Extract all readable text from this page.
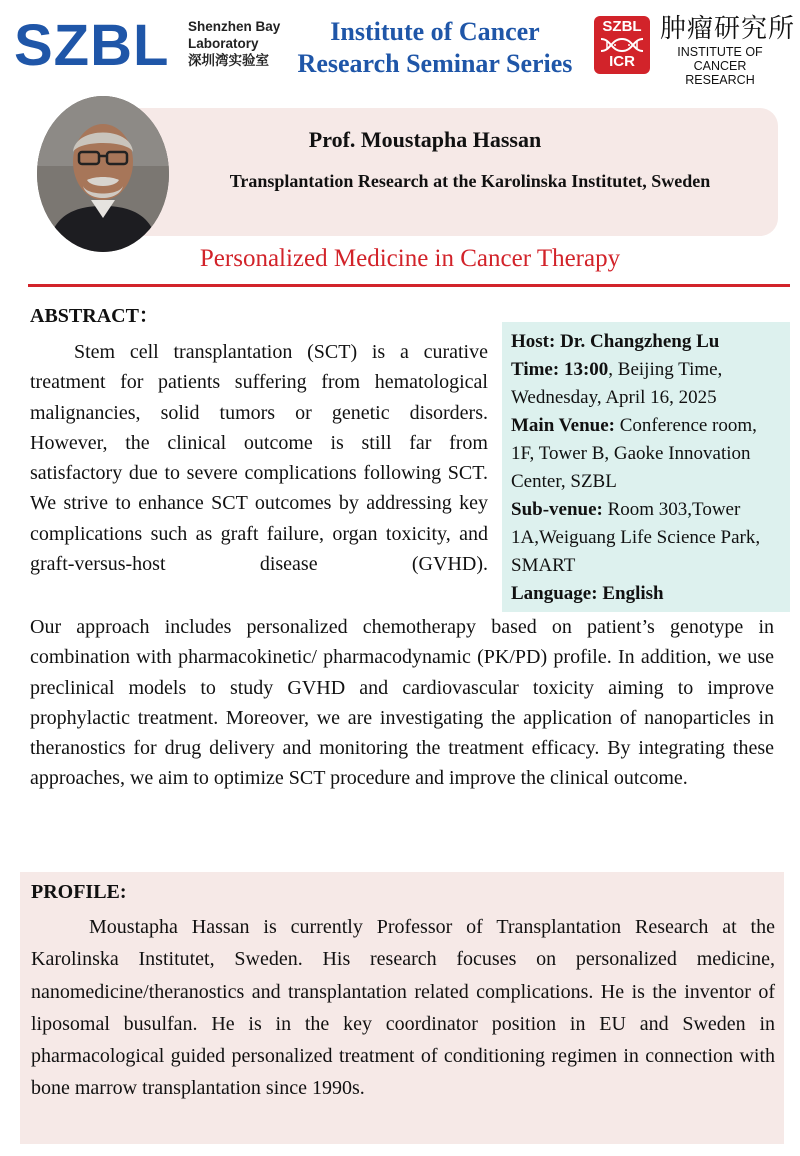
SZBL Shenzhen Bay
Laboratory
深圳湾实验室
Institute of Cancer
Research Seminar Series
SZBL
ICR
肿瘤研究所
INSTITUTE OF
CANCER RESEARCH
Prof. Moustapha Hassan
Transplantation Research at the Karolinska Institutet, Sweden
Personalized Medicine in Cancer Therapy
ABSTRACT：
Stem cell transplantation (SCT) is a curative treatment for patients suffering from hematological malignancies, solid tumors or genetic disorders. However, the clinical outcome is still far from satisfactory due to severe complications following SCT. We strive to enhance SCT outcomes by addressing key complications such as graft failure, organ toxicity, and graft-versus-host disease (GVHD).
Our approach includes personalized chemotherapy based on patient’s genotype in combination with pharmacokinetic/ pharmacodynamic (PK/PD) profile. In addition, we use preclinical models to study GVHD and cardiovascular toxicity aiming to improve prophylactic treatment. Moreover, we are investigating the application of nanoparticles in theranostics for drug delivery and monitoring the treatment efficacy. By integrating these approaches, we aim to optimize SCT procedure and improve the clinical outcome.
Host: Dr. Changzheng Lu
Time: 13:00, Beijing Time, Wednesday, April 16, 2025
Main Venue: Conference room, 1F, Tower B, Gaoke Innovation Center, SZBL
Sub-venue: Room 303,Tower 1A,Weiguang Life Science Park, SMART
Language: English
PROFILE:
Moustapha Hassan is currently Professor of Transplantation Research at the Karolinska Institutet, Sweden. His research focuses on personalized medicine, nanomedicine/theranostics and transplantation related complications. He is the inventor of liposomal busulfan. He is in the key coordinator position in EU and Sweden in pharmacological guided personalized treatment of conditioning regimen in connection with bone marrow transplantation since 1990s.
